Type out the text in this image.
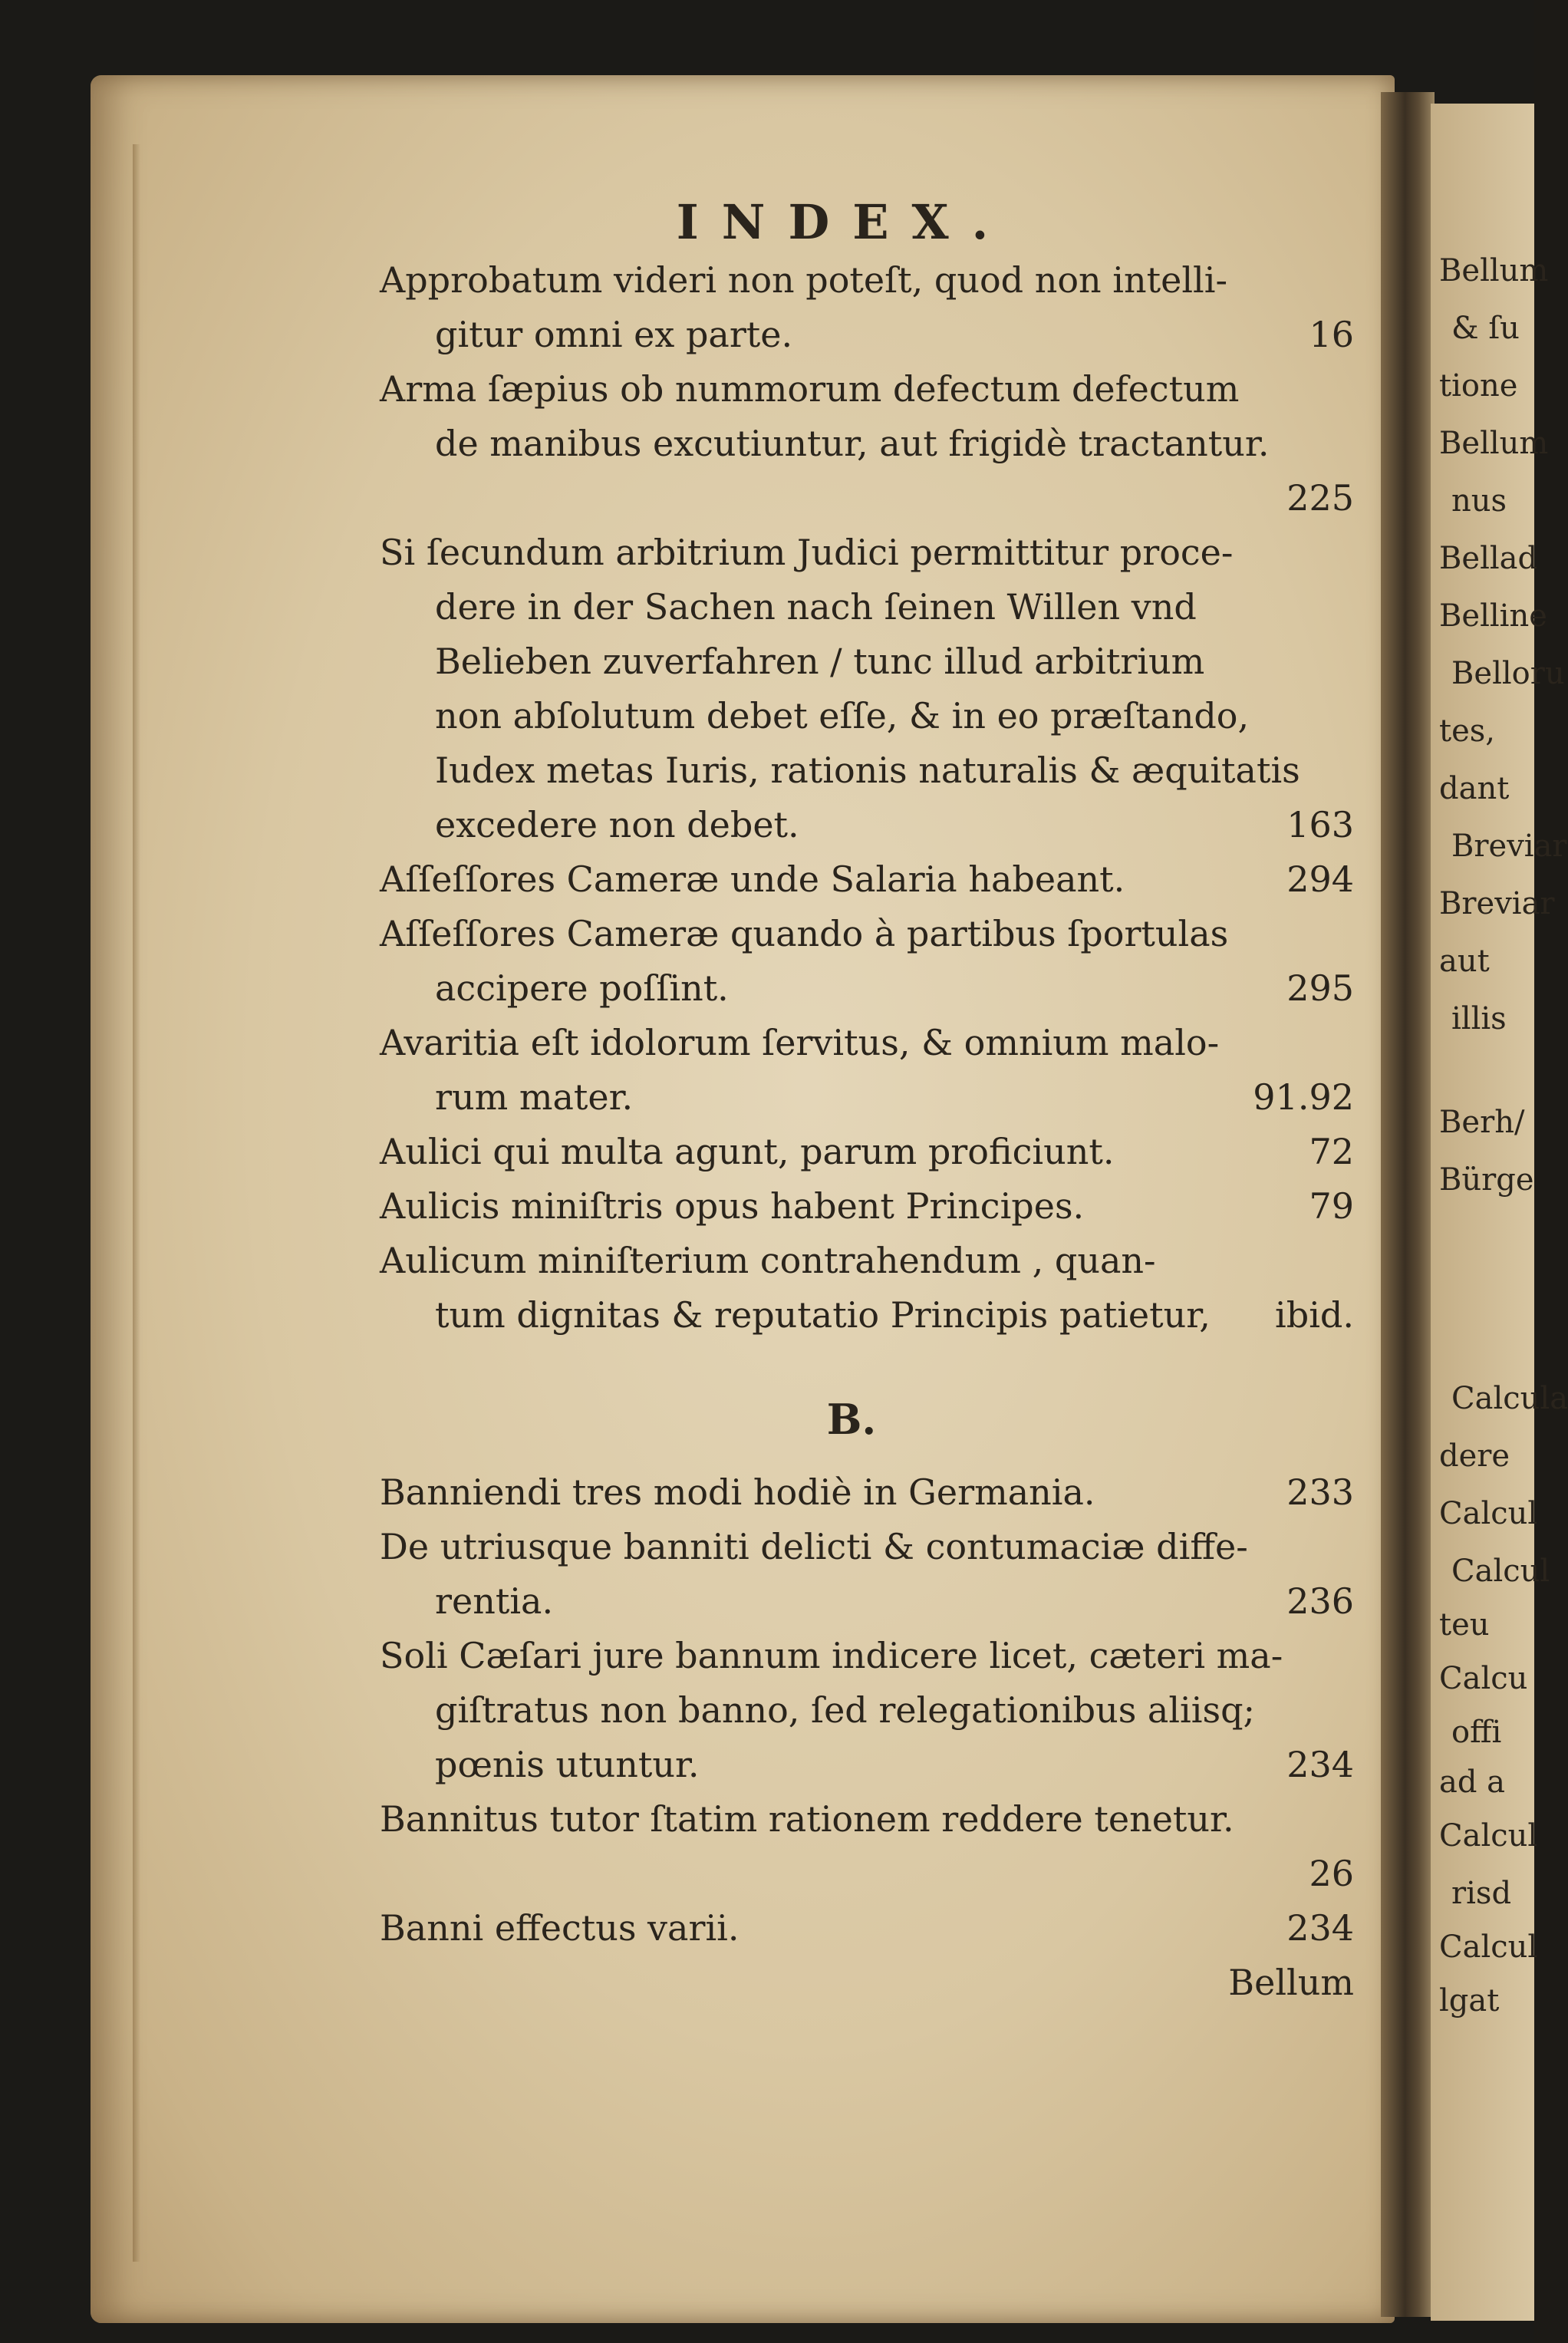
INDEX.
Approbatum videri non poteſt, quod non intelli-
gitur omni ex parte.	16
Arma ſæpius ob nummorum defectum defectum
de manibus excutiuntur, aut frigidè tractantur.
225
Si ſecundum arbitrium Judici permittitur proce-
dere in der Sachen nach ſeinen Willen vnd
Belieben zuverfahren / tunc illud arbitrium
non abſolutum debet eſſe, & in eo præſtando,
Iudex metas Iuris, rationis naturalis & æquitatis
excedere non debet.	163
Aſſeſſores Cameræ unde Salaria habeant.	294
Aſſeſſores Cameræ quando à partibus ſportulas
accipere poſſint.	295
Avaritia eſt idolorum ſervitus, & omnium malo-
rum mater.	91.92
Aulici qui multa agunt, parum proficiunt.	72
Aulicis miniſtris opus habent Principes.	79
Aulicum miniſterium contrahendum , quan-
tum dignitas & reputatio Principis patietur, ibid.
B.
Banniendi tres modi hodiè in Germania.	233
De utriusque banniti delicti & contumaciæ diffe-
rentia.	236
Soli Cæſari jure bannum indicere licet, cæteri ma-
giſtratus non banno, ſed relegationibus aliisq;
pœnis utuntur.	234
Bannitus tutor ſtatim rationem reddere tenetur.
26
Banni effectus varii.	234
Bellum
Bellum
& ſu
tione
Bellum
nus
Bellad
Belline
Belloru
tes,
dant
Breviar
Breviar
aut
illis
Berh/
Bürge
Calcula
dere
Calcul
Calcul
teu
Calcu
offi
ad a
Calcul
risd
Calcul
lgat
